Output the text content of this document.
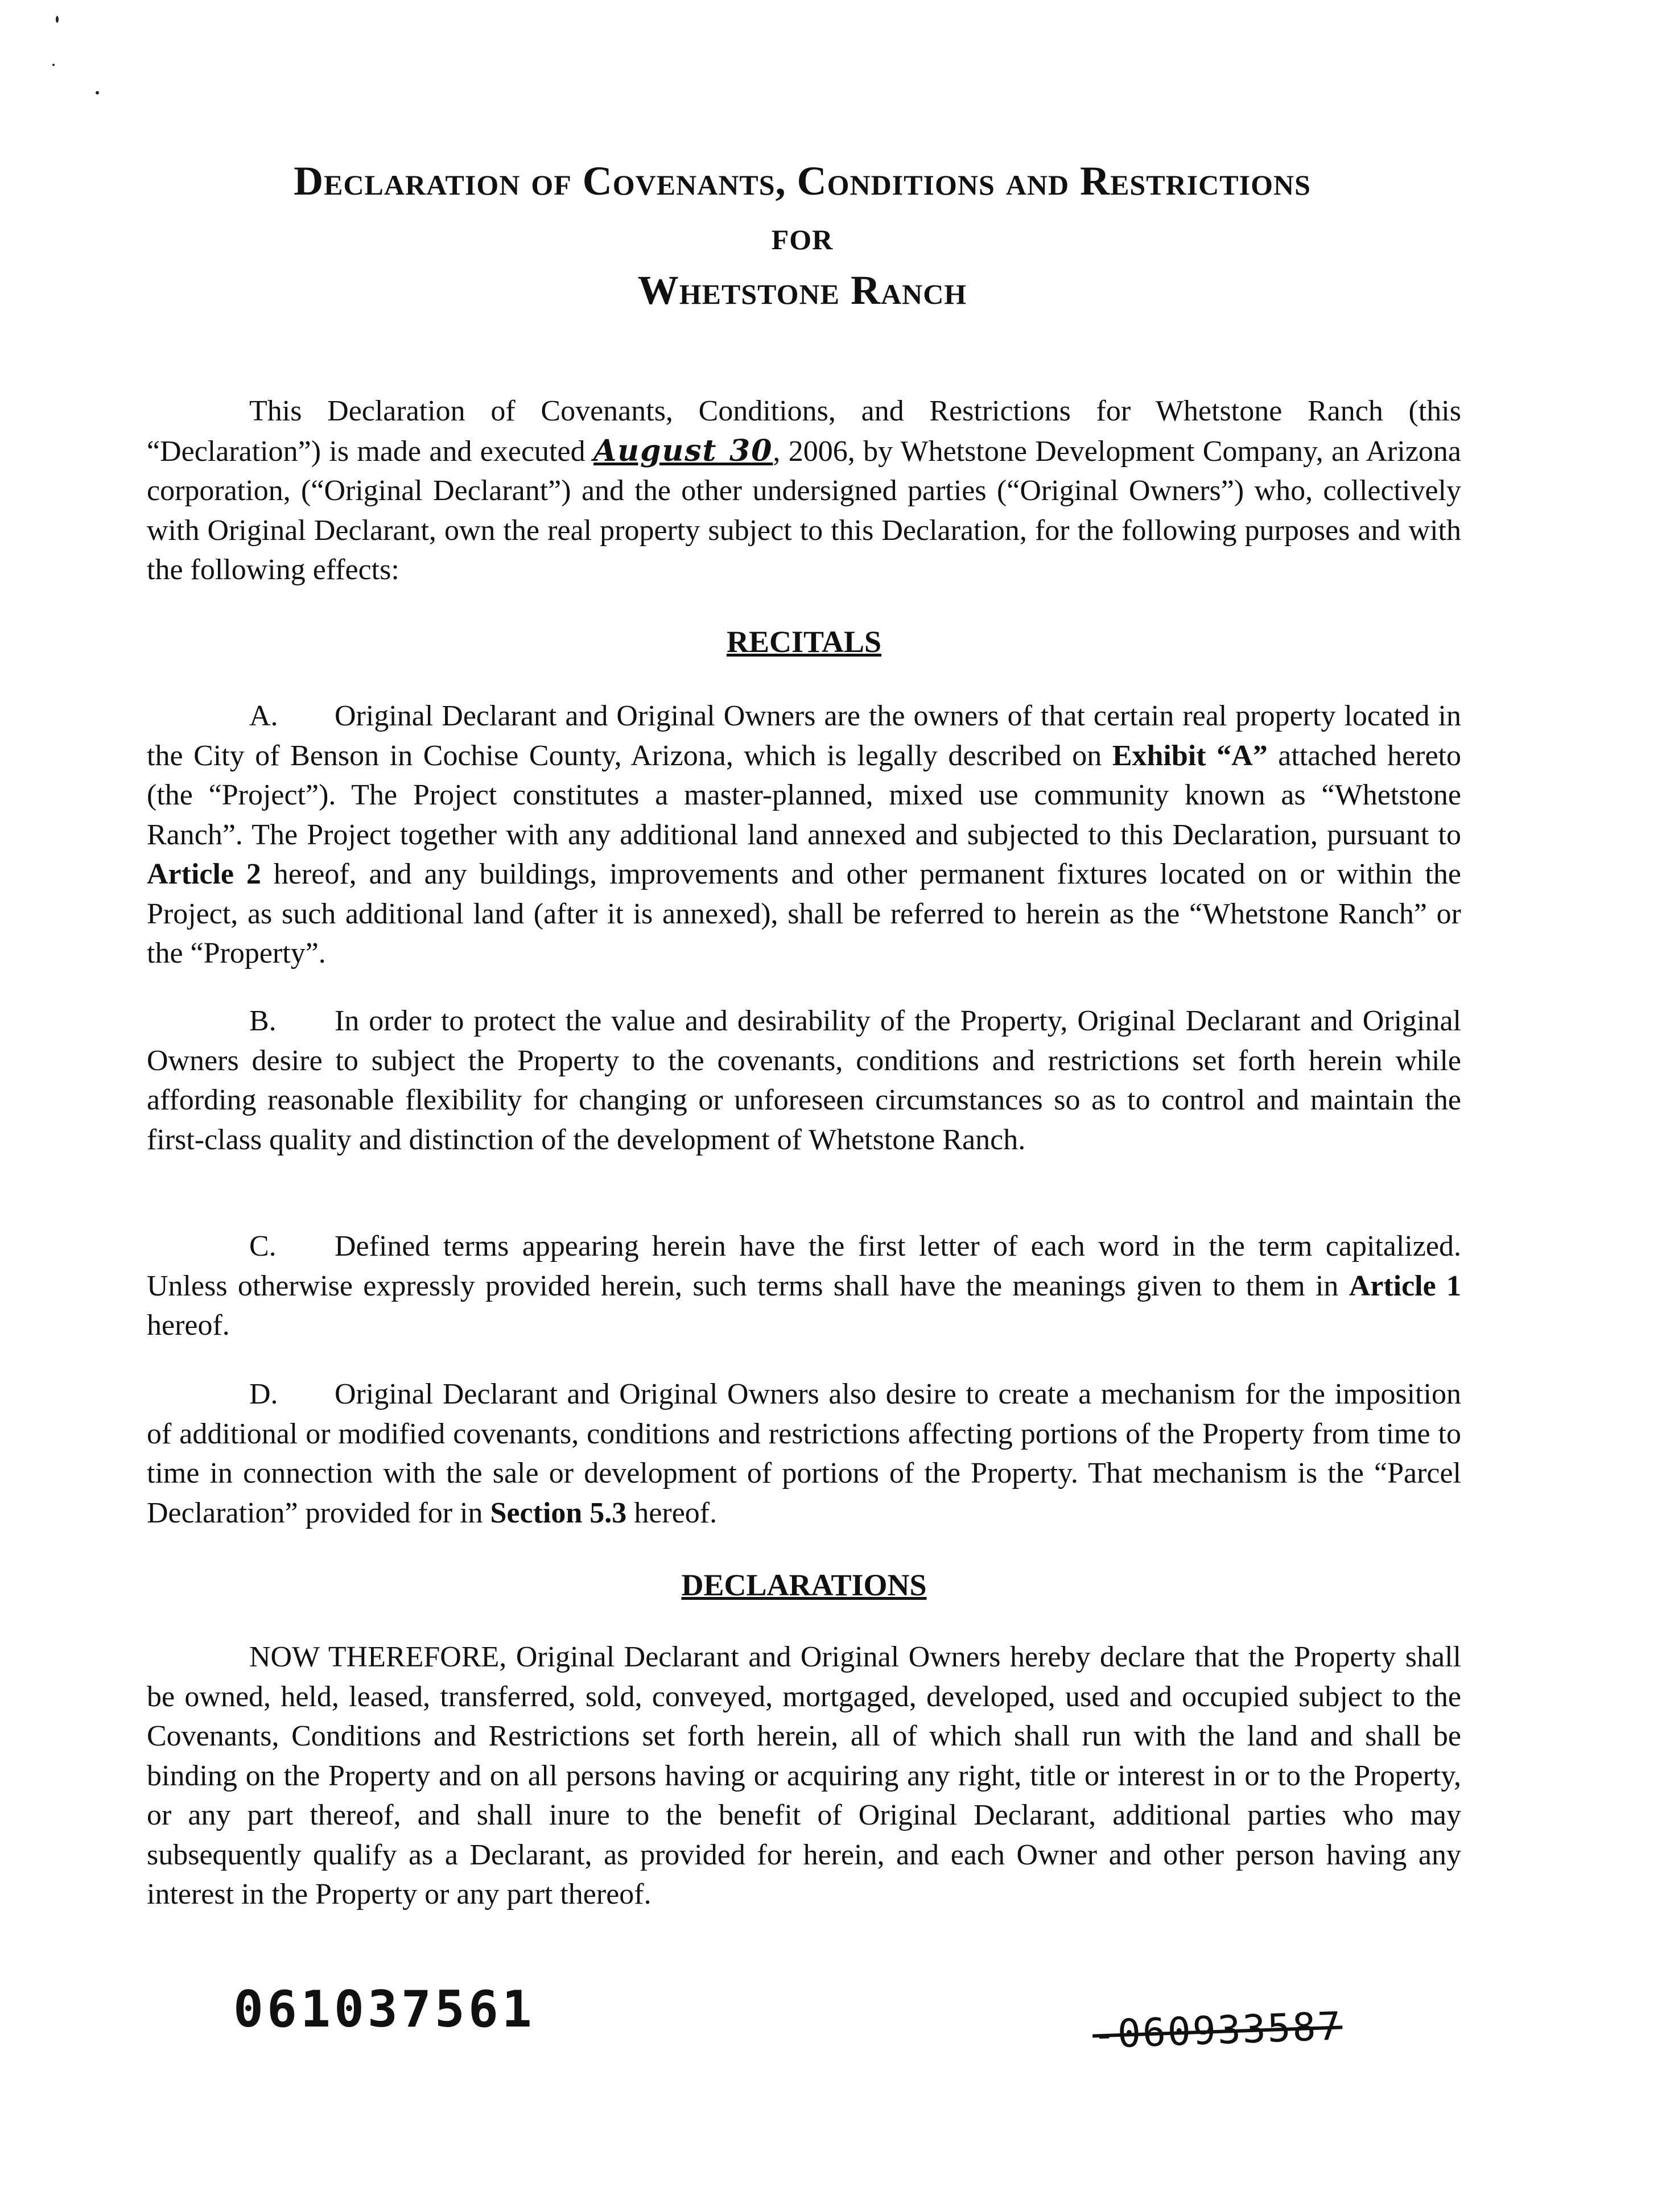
Declaration of Covenants, Conditions and Restrictions
for
Whetstone Ranch

This Declaration of Covenants, Conditions, and Restrictions for Whetstone Ranch (this “Declaration”) is made and executed August 30, 2006, by Whetstone Development Company, an Arizona corporation, (“Original Declarant”) and the other undersigned parties (“Original Owners”) who, collectively with Original Declarant, own the real property subject to this Declaration, for the following purposes and with the following effects:

RECITALS

A. Original Declarant and Original Owners are the owners of that certain real property located in the City of Benson in Cochise County, Arizona, which is legally described on Exhibit “A” attached hereto (the “Project”). The Project constitutes a master-planned, mixed use community known as “Whetstone Ranch”. The Project together with any additional land annexed and subjected to this Declaration, pursuant to Article 2 hereof, and any buildings, improvements and other permanent fixtures located on or within the Project, as such additional land (after it is annexed), shall be referred to herein as the “Whetstone Ranch” or the “Property”.

B. In order to protect the value and desirability of the Property, Original Declarant and Original Owners desire to subject the Property to the covenants, conditions and restrictions set forth herein while affording reasonable flexibility for changing or unforeseen circumstances so as to control and maintain the first-class quality and distinction of the development of Whetstone Ranch.

C. Defined terms appearing herein have the first letter of each word in the term capitalized. Unless otherwise expressly provided herein, such terms shall have the meanings given to them in Article 1 hereof.

D. Original Declarant and Original Owners also desire to create a mechanism for the imposition of additional or modified covenants, conditions and restrictions affecting portions of the Property from time to time in connection with the sale or development of portions of the Property. That mechanism is the “Parcel Declaration” provided for in Section 5.3 hereof.

DECLARATIONS

NOW THEREFORE, Original Declarant and Original Owners hereby declare that the Property shall be owned, held, leased, transferred, sold, conveyed, mortgaged, developed, used and occupied subject to the Covenants, Conditions and Restrictions set forth herein, all of which shall run with the land and shall be binding on the Property and on all persons having or acquiring any right, title or interest in or to the Property, or any part thereof, and shall inure to the benefit of Original Declarant, additional parties who may subsequently qualify as a Declarant, as provided for herein, and each Owner and other person having any interest in the Property or any part thereof.

061037561	-060933587
